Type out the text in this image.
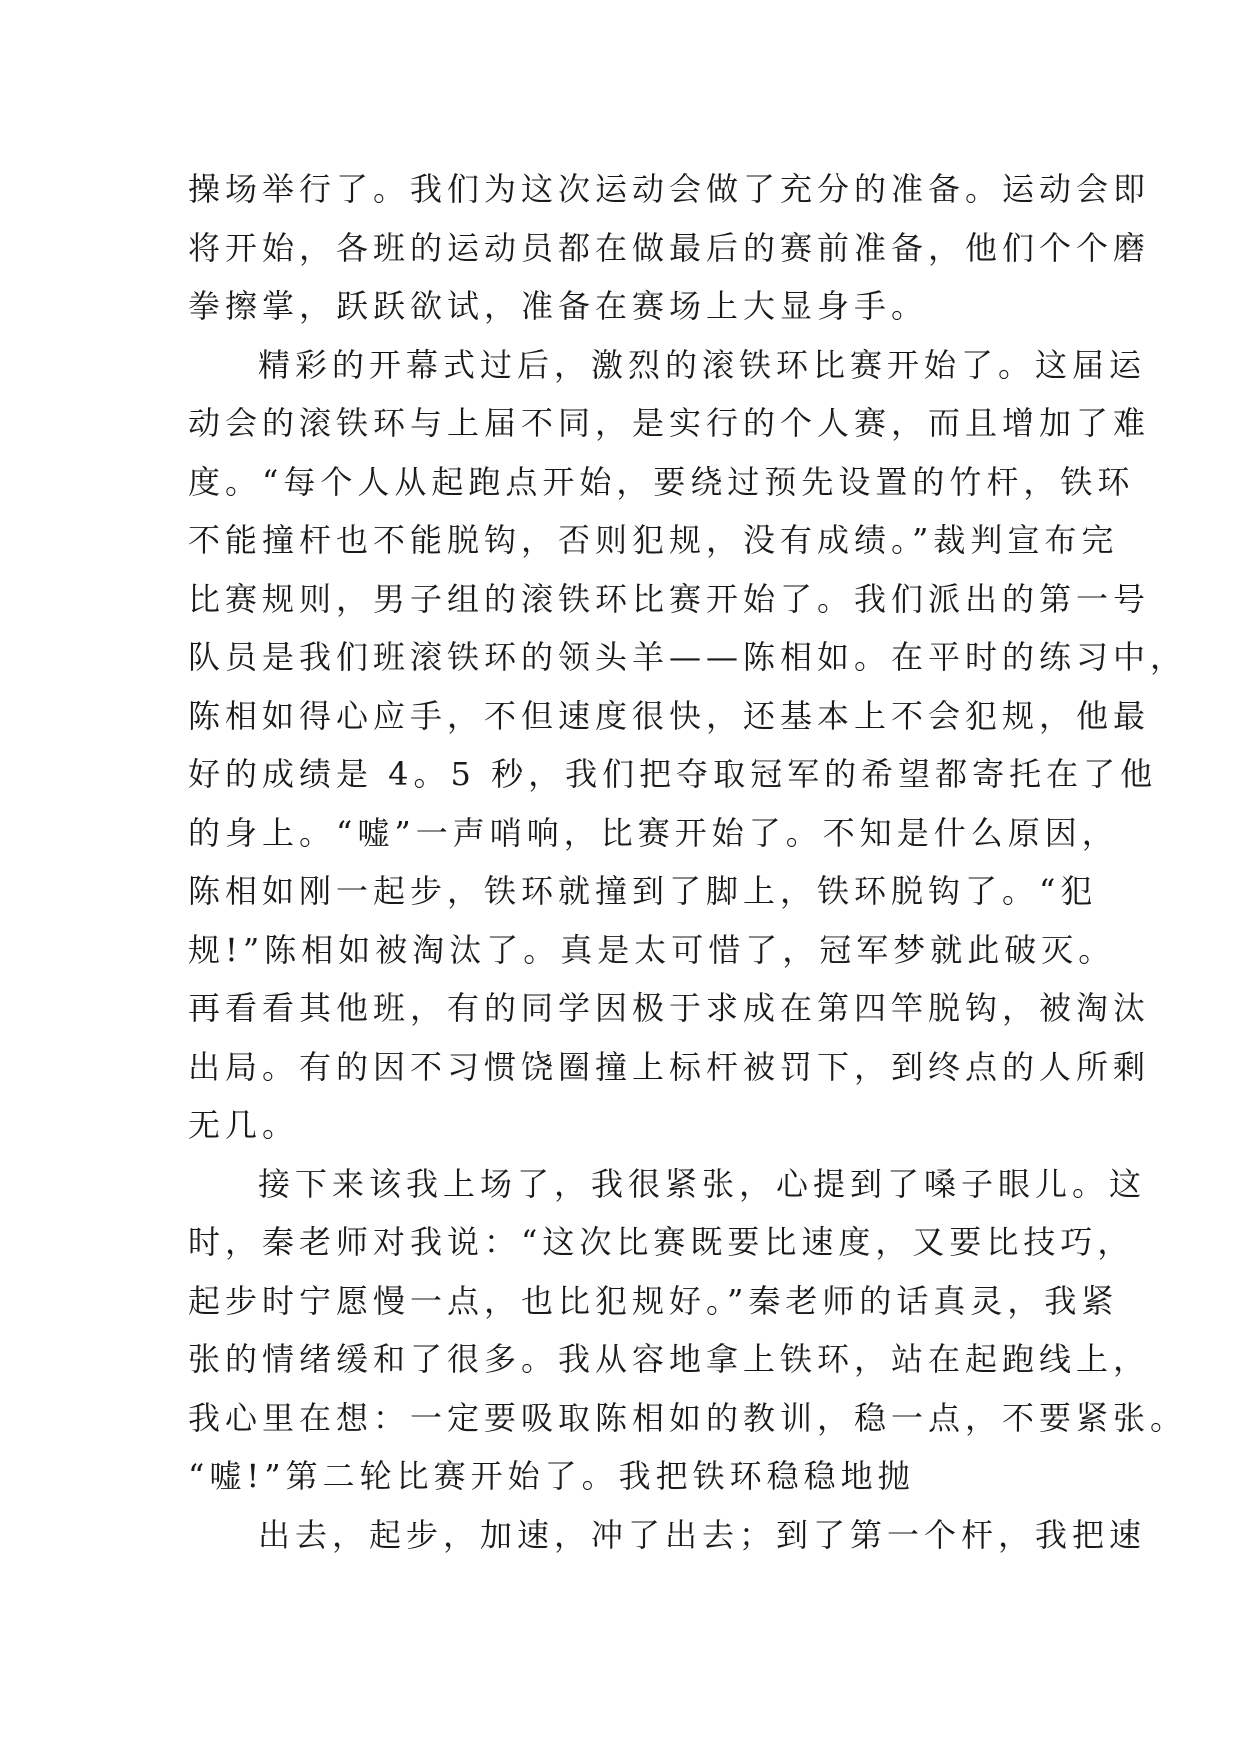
操场举行了。我们为这次运动会做了充分的准备。运动会即
将开始，各班的运动员都在做最后的赛前准备，他们个个磨
拳擦掌，跃跃欲试，准备在赛场上大显身手。
精彩的开幕式过后，激烈的滚铁环比赛开始了。这届运
动会的滚铁环与上届不同，是实行的个人赛，而且增加了难
度。“每个人从起跑点开始，要绕过预先设置的竹杆，铁环
不能撞杆也不能脱钩，否则犯规，没有成绩。”裁判宣布完
比赛规则，男子组的滚铁环比赛开始了。我们派出的第一号
队员是我们班滚铁环的领头羊——陈相如。在平时的练习中，
陈相如得心应手，不但速度很快，还基本上不会犯规，他最
好的成绩是 4。5 秒，我们把夺取冠军的希望都寄托在了他
的身上。“嘘”一声哨响，比赛开始了。不知是什么原因，
陈相如刚一起步，铁环就撞到了脚上，铁环脱钩了。“犯
规!”陈相如被淘汰了。真是太可惜了，冠军梦就此破灭。
再看看其他班，有的同学因极于求成在第四竿脱钩，被淘汰
出局。有的因不习惯饶圈撞上标杆被罚下，到终点的人所剩
无几。
接下来该我上场了，我很紧张，心提到了嗓子眼儿。这
时，秦老师对我说：“这次比赛既要比速度，又要比技巧，
起步时宁愿慢一点，也比犯规好。”秦老师的话真灵，我紧
张的情绪缓和了很多。我从容地拿上铁环，站在起跑线上，
我心里在想：一定要吸取陈相如的教训，稳一点，不要紧张。
“嘘!”第二轮比赛开始了。我把铁环稳稳地抛
出去，起步，加速，冲了出去；到了第一个杆，我把速
